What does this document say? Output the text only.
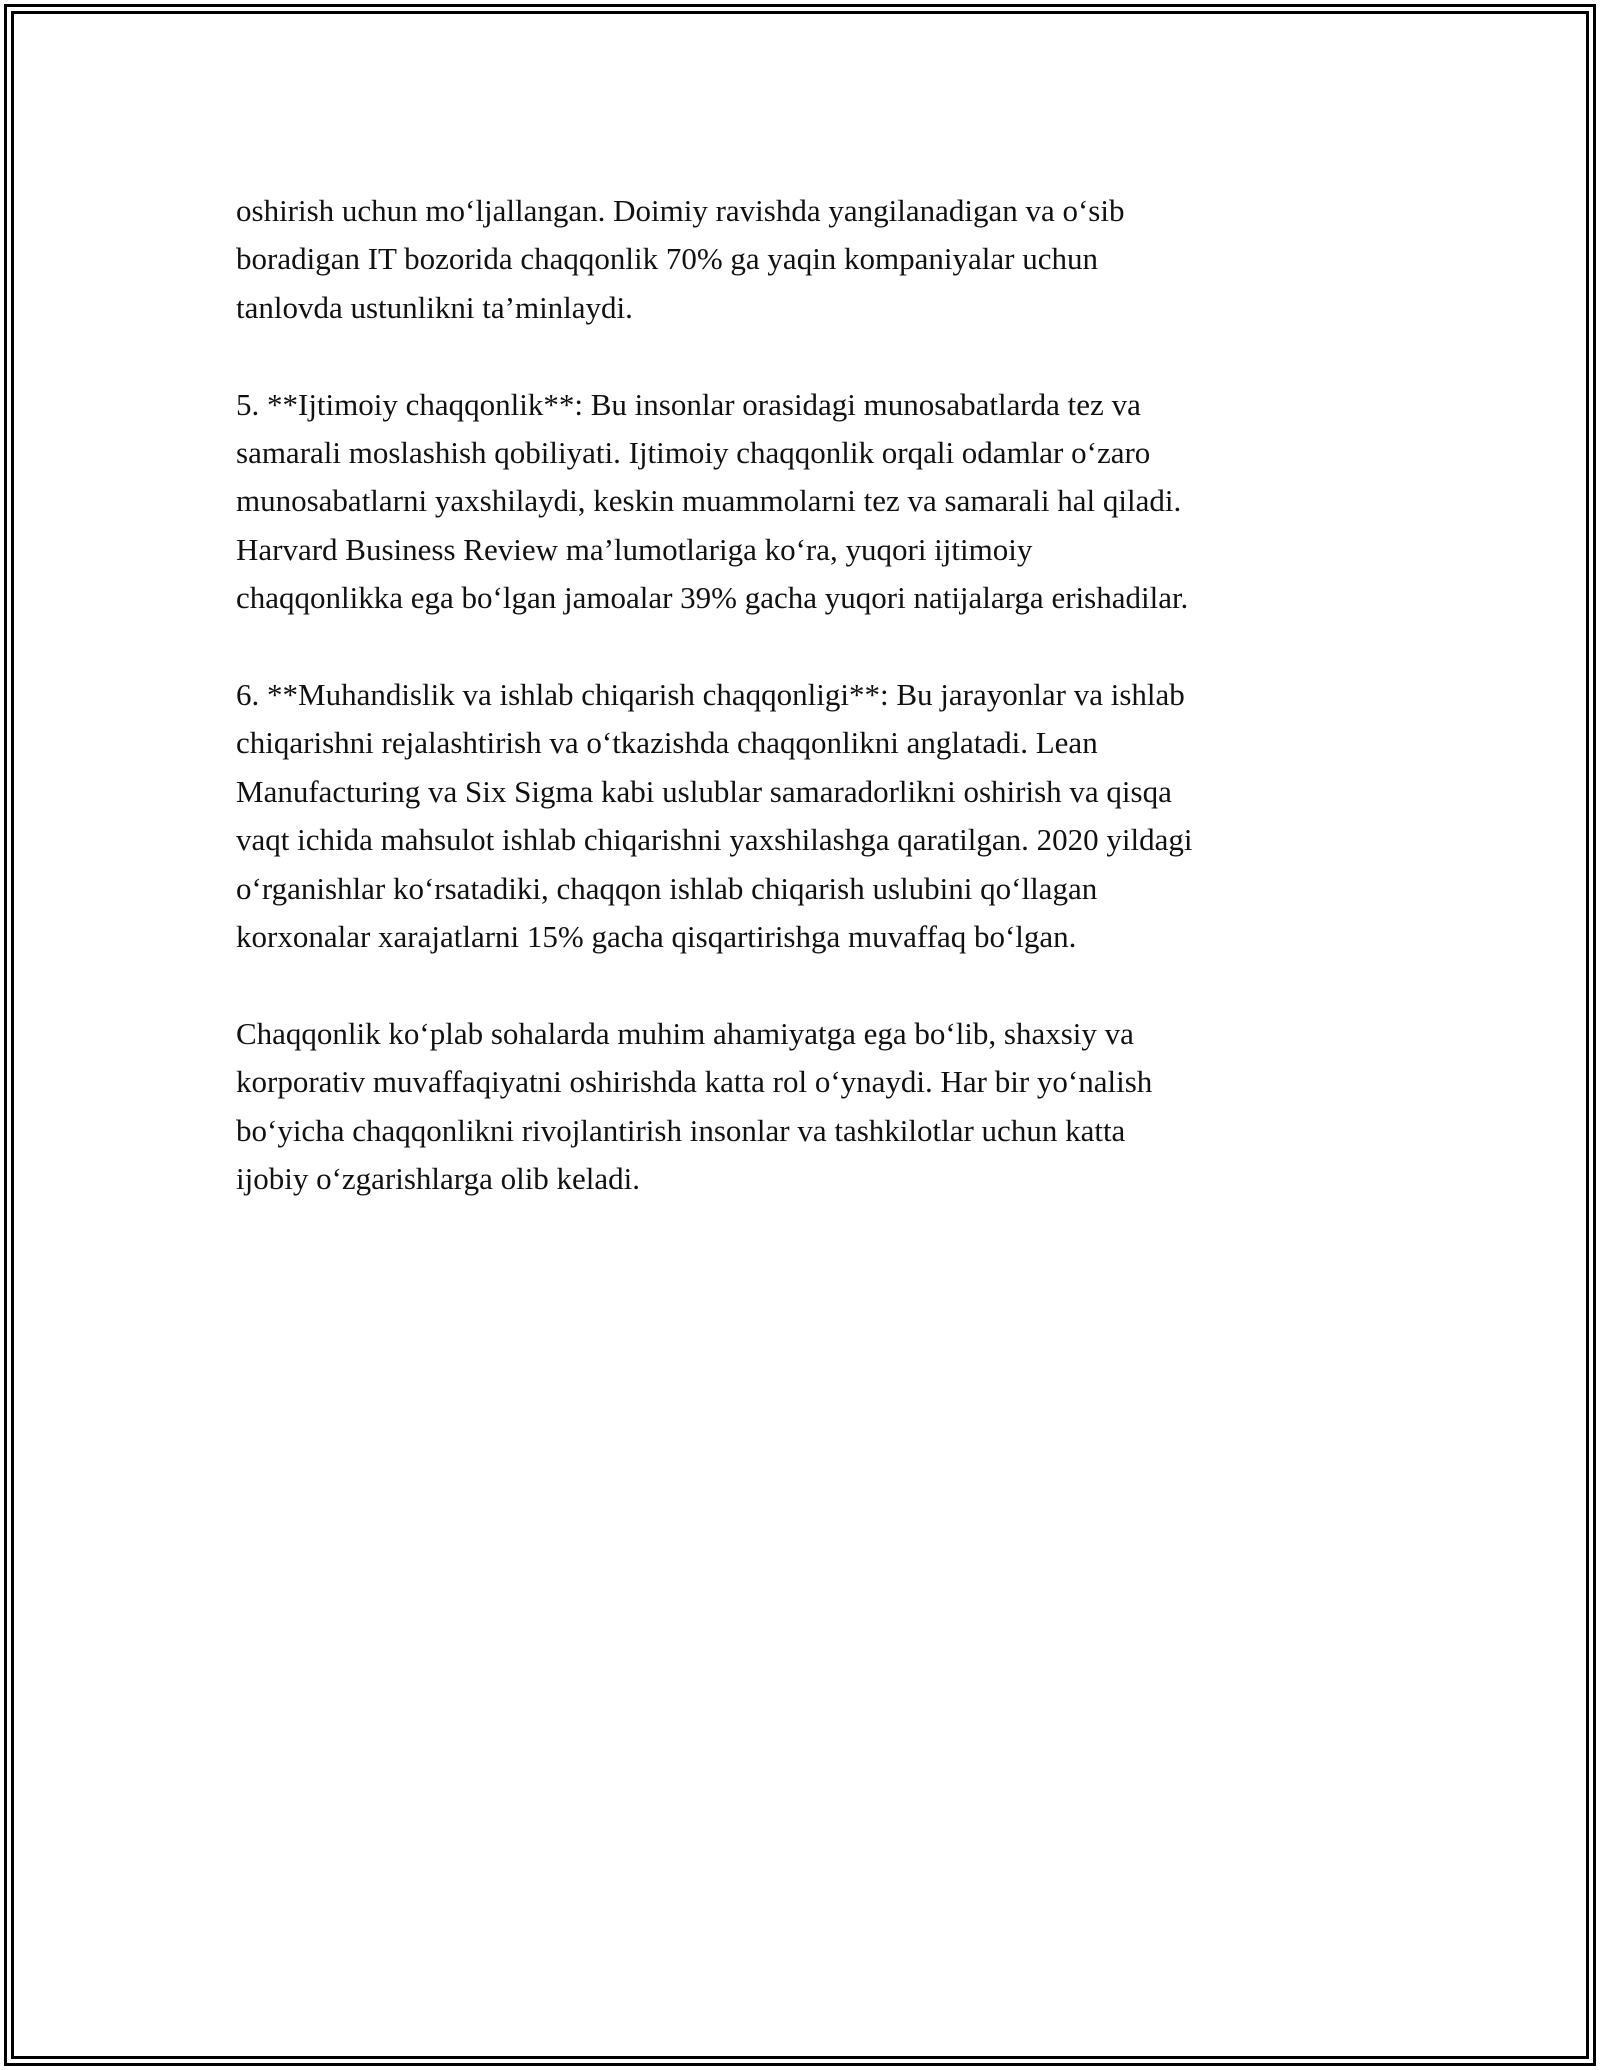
oshirish uchun mo‘ljallangan. Doimiy ravishda yangilanadigan va o‘sib
boradigan IT bozorida chaqqonlik 70% ga yaqin kompaniyalar uchun
tanlovda ustunlikni ta’minlaydi.

5. **Ijtimoiy chaqqonlik**: Bu insonlar orasidagi munosabatlarda tez va
samarali moslashish qobiliyati. Ijtimoiy chaqqonlik orqali odamlar o‘zaro
munosabatlarni yaxshilaydi, keskin muammolarni tez va samarali hal qiladi.
Harvard Business Review ma’lumotlariga ko‘ra, yuqori ijtimoiy
chaqqonlikka ega bo‘lgan jamoalar 39% gacha yuqori natijalarga erishadilar.

6. **Muhandislik va ishlab chiqarish chaqqonligi**: Bu jarayonlar va ishlab
chiqarishni rejalashtirish va o‘tkazishda chaqqonlikni anglatadi. Lean
Manufacturing va Six Sigma kabi uslublar samaradorlikni oshirish va qisqa
vaqt ichida mahsulot ishlab chiqarishni yaxshilashga qaratilgan. 2020 yildagi
o‘rganishlar ko‘rsatadiki, chaqqon ishlab chiqarish uslubini qo‘llagan
korxonalar xarajatlarni 15% gacha qisqartirishga muvaffaq bo‘lgan.

Chaqqonlik ko‘plab sohalarda muhim ahamiyatga ega bo‘lib, shaxsiy va
korporativ muvaffaqiyatni oshirishda katta rol o‘ynaydi. Har bir yo‘nalish
bo‘yicha chaqqonlikni rivojlantirish insonlar va tashkilotlar uchun katta
ijobiy o‘zgarishlarga olib keladi.
